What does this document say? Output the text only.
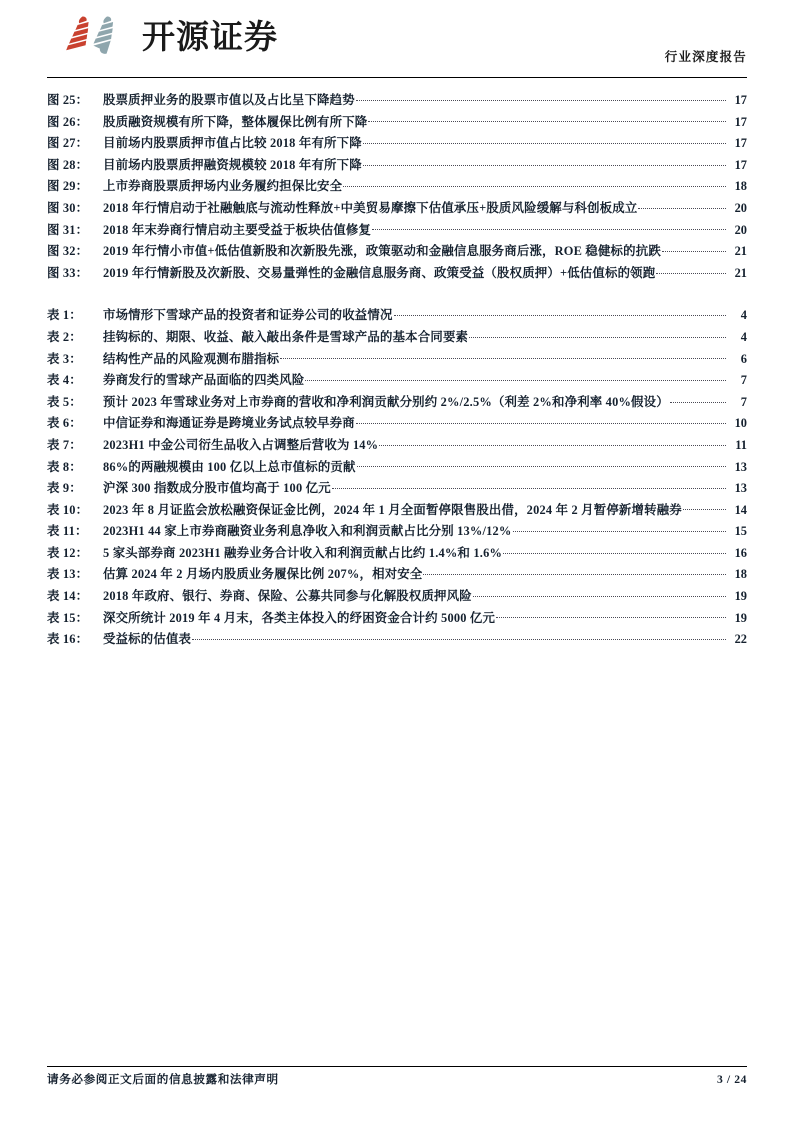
开源证券
行业深度报告
图 25：	股票质押业务的股票市值以及占比呈下降趋势	17
图 26：	股质融资规模有所下降，整体履保比例有所下降	17
图 27：	目前场内股票质押市值占比较 2018 年有所下降	17
图 28：	目前场内股票质押融资规模较 2018 年有所下降	17
图 29：	上市券商股票质押场内业务履约担保比安全	18
图 30：	2018 年行情启动于社融触底与流动性释放+中美贸易摩擦下估值承压+股质风险缓解与科创板成立	20
图 31：	2018 年末券商行情启动主要受益于板块估值修复	20
图 32：	2019 年行情小市值+低估值新股和次新股先涨，政策驱动和金融信息服务商后涨，ROE 稳健标的抗跌	21
图 33：	2019 年行情新股及次新股、交易量弹性的金融信息服务商、政策受益（股权质押）+低估值标的领跑	21
表 1：	市场情形下雪球产品的投资者和证券公司的收益情况	4
表 2：	挂钩标的、期限、收益、敲入敲出条件是雪球产品的基本合同要素	4
表 3：	结构性产品的风险观测布腊指标	6
表 4：	券商发行的雪球产品面临的四类风险	7
表 5：	预计 2023 年雪球业务对上市券商的营收和净利润贡献分别约 2%/2.5%（利差 2%和净利率 40%假设）	7
表 6：	中信证券和海通证券是跨境业务试点较早券商	10
表 7：	2023H1 中金公司衍生品收入占调整后营收为 14%	11
表 8：	86%的两融规模由 100 亿以上总市值标的贡献	13
表 9：	沪深 300 指数成分股市值均高于 100 亿元	13
表 10：	2023 年 8 月证监会放松融资保证金比例，2024 年 1 月全面暂停限售股出借，2024 年 2 月暂停新增转融券	14
表 11：	2023H1 44 家上市券商融资业务利息净收入和利润贡献占比分别 13%/12%	15
表 12：	5 家头部券商 2023H1 融券业务合计收入和利润贡献占比约 1.4%和 1.6%	16
表 13：	估算 2024 年 2 月场内股质业务履保比例 207%，相对安全	18
表 14：	2018 年政府、银行、券商、保险、公募共同参与化解股权质押风险	19
表 15：	深交所统计 2019 年 4 月末，各类主体投入的纾困资金合计约 5000 亿元	19
表 16：	受益标的估值表	22
请务必参阅正文后面的信息披露和法律声明	3 / 24
